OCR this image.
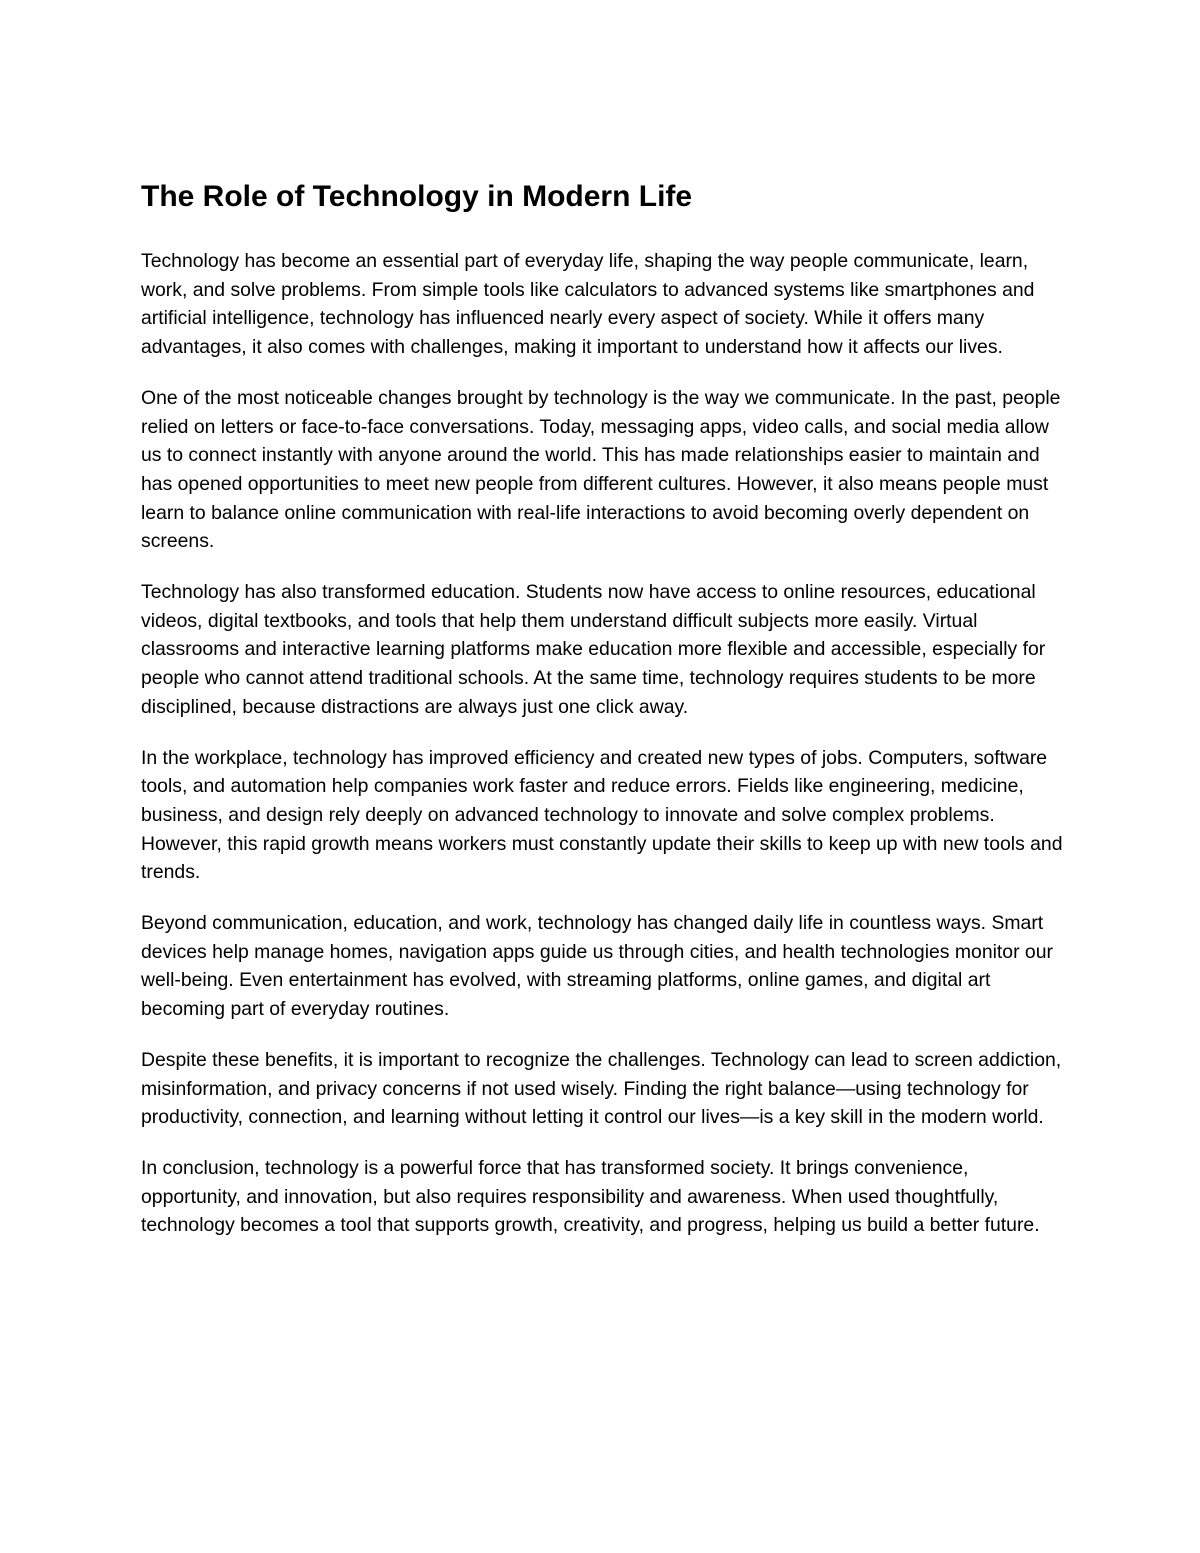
The Role of Technology in Modern Life

Technology has become an essential part of everyday life, shaping the way people communicate, learn, work, and solve problems. From simple tools like calculators to advanced systems like smartphones and artificial intelligence, technology has influenced nearly every aspect of society. While it offers many advantages, it also comes with challenges, making it important to understand how it affects our lives.

One of the most noticeable changes brought by technology is the way we communicate. In the past, people relied on letters or face-to-face conversations. Today, messaging apps, video calls, and social media allow us to connect instantly with anyone around the world. This has made relationships easier to maintain and has opened opportunities to meet new people from different cultures. However, it also means people must learn to balance online communication with real-life interactions to avoid becoming overly dependent on screens.

Technology has also transformed education. Students now have access to online resources, educational videos, digital textbooks, and tools that help them understand difficult subjects more easily. Virtual classrooms and interactive learning platforms make education more flexible and accessible, especially for people who cannot attend traditional schools. At the same time, technology requires students to be more disciplined, because distractions are always just one click away.

In the workplace, technology has improved efficiency and created new types of jobs. Computers, software tools, and automation help companies work faster and reduce errors. Fields like engineering, medicine, business, and design rely deeply on advanced technology to innovate and solve complex problems. However, this rapid growth means workers must constantly update their skills to keep up with new tools and trends.

Beyond communication, education, and work, technology has changed daily life in countless ways. Smart devices help manage homes, navigation apps guide us through cities, and health technologies monitor our well-being. Even entertainment has evolved, with streaming platforms, online games, and digital art becoming part of everyday routines.

Despite these benefits, it is important to recognize the challenges. Technology can lead to screen addiction, misinformation, and privacy concerns if not used wisely. Finding the right balance—using technology for productivity, connection, and learning without letting it control our lives—is a key skill in the modern world.

In conclusion, technology is a powerful force that has transformed society. It brings convenience, opportunity, and innovation, but also requires responsibility and awareness. When used thoughtfully, technology becomes a tool that supports growth, creativity, and progress, helping us build a better future.
